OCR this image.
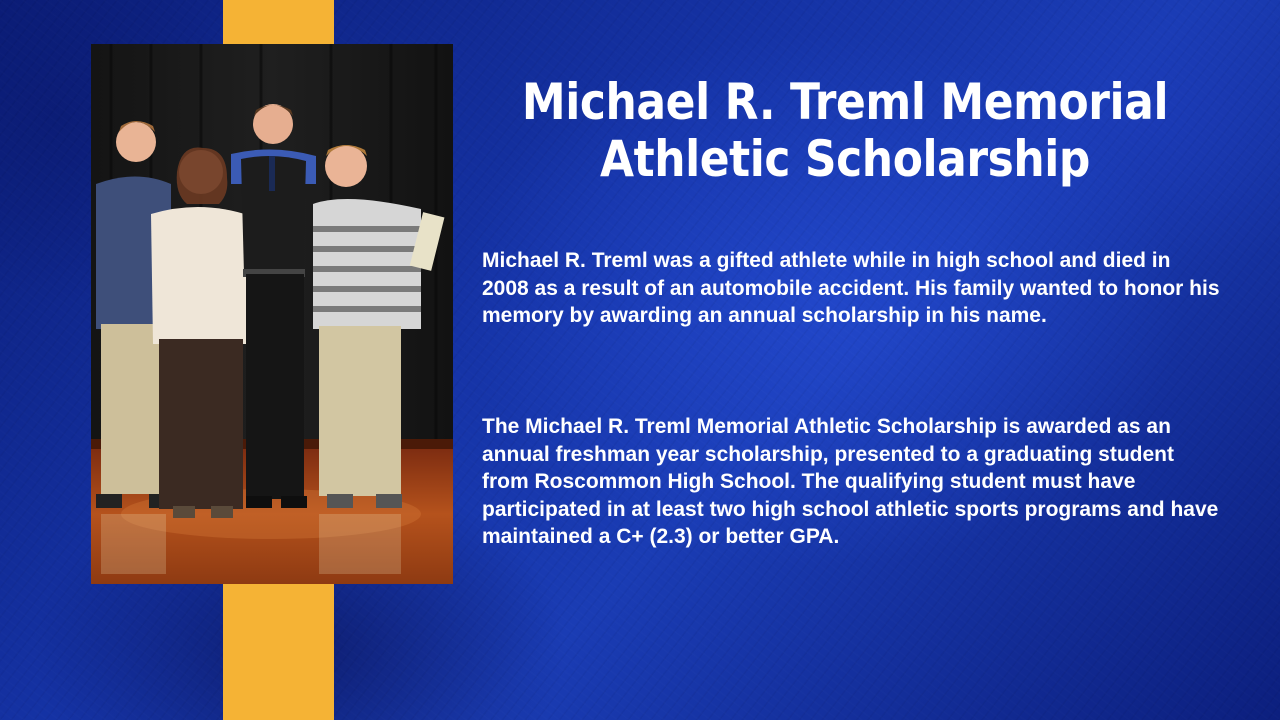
Michael R. Treml Memorial Athletic Scholarship

Michael R. Treml was a gifted athlete while in high school and died in 2008 as a result of an automobile accident. His family wanted to honor his memory by awarding an annual scholarship in his name.

The Michael R. Treml Memorial Athletic Scholarship is awarded as an annual freshman year scholarship, presented to a graduating student from Roscommon High School. The qualifying student must have participated in at least two high school athletic sports programs and have maintained a C+ (2.3) or better GPA.
